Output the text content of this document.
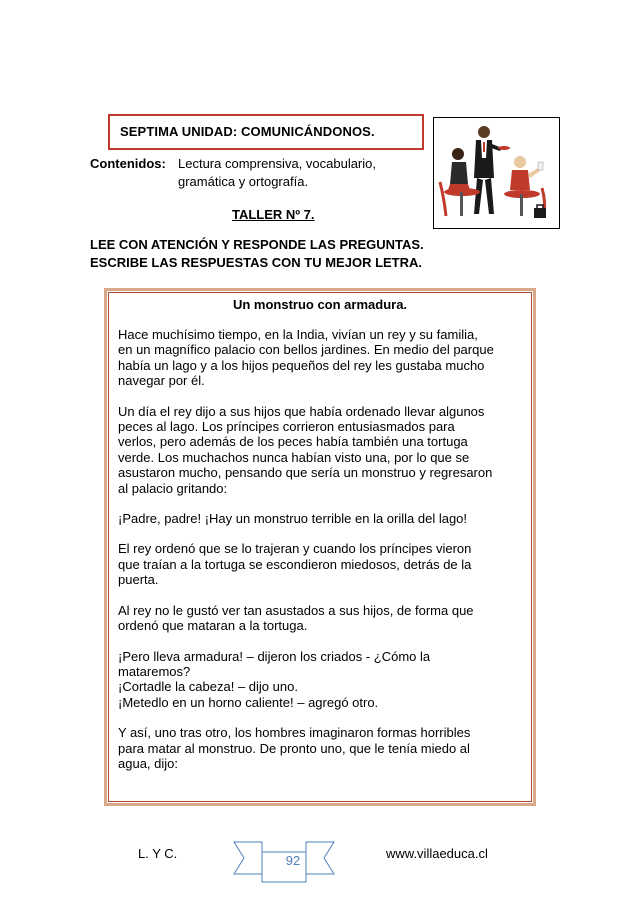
SEPTIMA UNIDAD: COMUNICÁNDONOS.
Contenidos: Lectura comprensiva, vocabulario,
gramática y ortografía.
TALLER Nº 7.
LEE CON ATENCIÓN Y RESPONDE LAS PREGUNTAS.
ESCRIBE LAS RESPUESTAS CON TU MEJOR LETRA.
Un monstruo con armadura.

Hace muchísimo tiempo, en la India, vivían un rey y su familia,
en un magnífico palacio con bellos jardines. En medio del parque
había un lago y a los hijos pequeños del rey les gustaba mucho
navegar por él.

Un día el rey dijo a sus hijos que había ordenado llevar algunos
peces al lago. Los príncipes corrieron entusiasmados para
verlos, pero además de los peces había también una tortuga
verde. Los muchachos nunca habían visto una, por lo que se
asustaron mucho, pensando que sería un monstruo y regresaron
al palacio gritando:

¡Padre, padre! ¡Hay un monstruo terrible en la orilla del lago!

El rey ordenó que se lo trajeran y cuando los príncipes vieron
que traían a la tortuga se escondieron miedosos, detrás de la
puerta.

Al rey no le gustó ver tan asustados a sus hijos, de forma que
ordenó que mataran a la tortuga.

¡Pero lleva armadura! – dijeron los criados - ¿Cómo la
mataremos?
¡Cortadle la cabeza! – dijo uno.
¡Metedlo en un horno caliente! – agregó otro.

Y así, uno tras otro, los hombres imaginaron formas horribles
para matar al monstruo. De pronto uno, que le tenía miedo al
agua, dijo:

L. Y C.	92	www.villaeduca.cl
